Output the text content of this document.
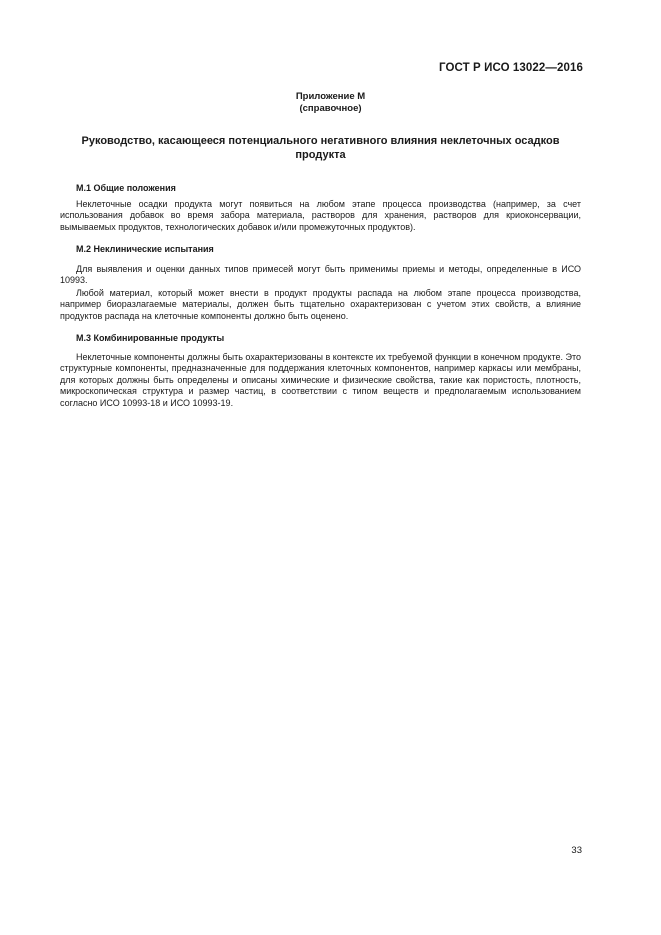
ГОСТ Р ИСО 13022—2016
Приложение М
(справочное)
Руководство, касающееся потенциального негативного влияния неклеточных осадков
продукта
М.1 Общие положения
Неклеточные осадки продукта могут появиться на любом этапе процесса производства (например, за счет использования добавок во время забора материала, растворов для хранения, растворов для криоконсервации, вымываемых продуктов, технологических добавок и/или промежуточных продуктов).
М.2 Неклинические испытания
Для выявления и оценки данных типов примесей могут быть применимы приемы и методы, определенные в ИСО 10993.
Любой материал, который может внести в продукт продукты распада на любом этапе процесса производства, например биоразлагаемые материалы, должен быть тщательно охарактеризован с учетом этих свойств, а влияние продуктов распада на клеточные компоненты должно быть оценено.
М.3 Комбинированные продукты
Неклеточные компоненты должны быть охарактеризованы в контексте их требуемой функции в конечном продукте. Это структурные компоненты, предназначенные для поддержания клеточных компонентов, например каркасы или мембраны, для которых должны быть определены и описаны химические и физические свойства, такие как пористость, плотность, микроскопическая структура и размер частиц, в соответствии с типом веществ и предполагаемым использованием согласно ИСО 10993-18 и ИСО 10993-19.
33
